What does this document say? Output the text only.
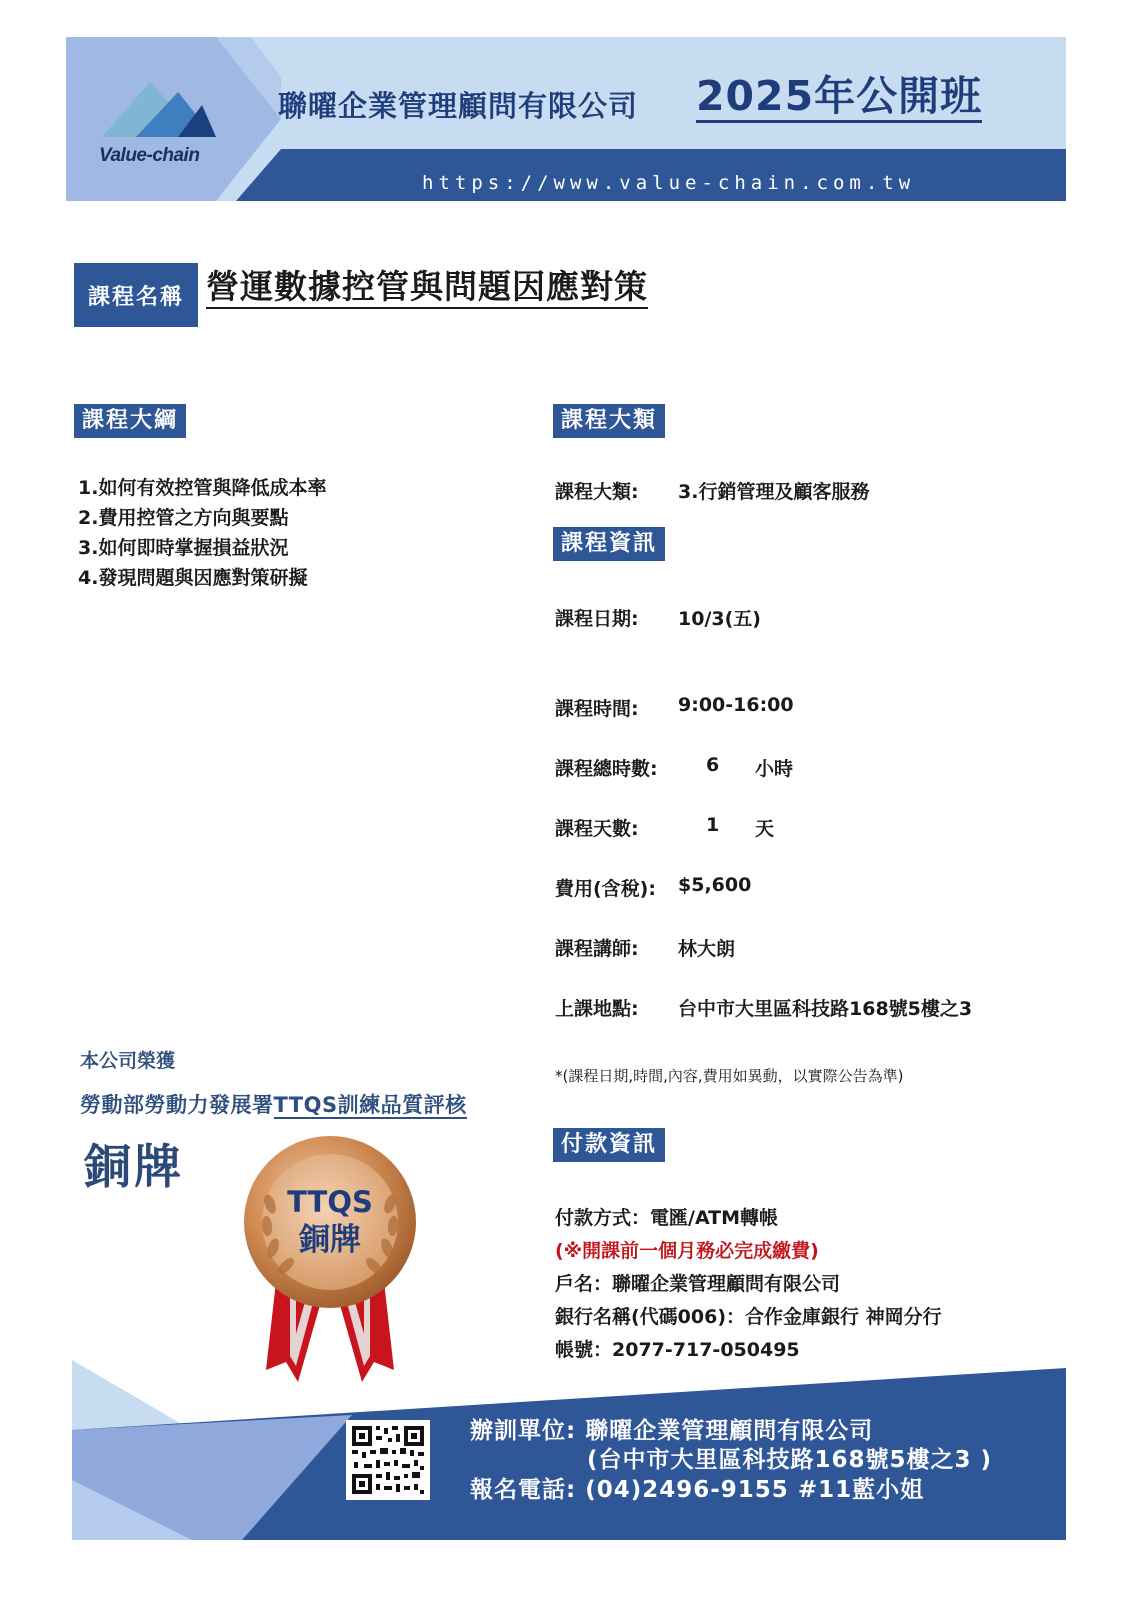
Value-chain
聯曜企業管理顧問有限公司 2025年公開班
https://www.value-chain.com.tw
課程名稱 營運數據控管與問題因應對策
課程大綱
1.如何有效控管與降低成本率
2.費用控管之方向與要點
3.如何即時掌握損益狀況
4.發現問題與因應對策研擬
課程大類
課程大類: 3.行銷管理及顧客服務
課程資訊
課程日期: 10/3(五)
課程時間: 9:00-16:00
課程總時數:	6 小時
課程天數:	1 天
費用(含稅): $5,600
課程講師: 林大朗
上課地點: 台中市大里區科技路168號5樓之3
*(課程日期,時間,內容,費用如異動，以實際公告為準)
付款資訊
付款方式：電匯/ATM轉帳
(※開課前一個月務必完成繳費)
戶名：聯曜企業管理顧問有限公司
銀行名稱(代碼006)：合作金庫銀行 神岡分行
帳號：2077-717-050495
本公司榮獲
勞動部勞動力發展署TTQS訓練品質評核
銅牌
TTQS
銅牌
辦訓單位: 聯曜企業管理顧問有限公司
(台中市大里區科技路168號5樓之3 )
報名電話: (04)2496-9155 #11藍小姐
